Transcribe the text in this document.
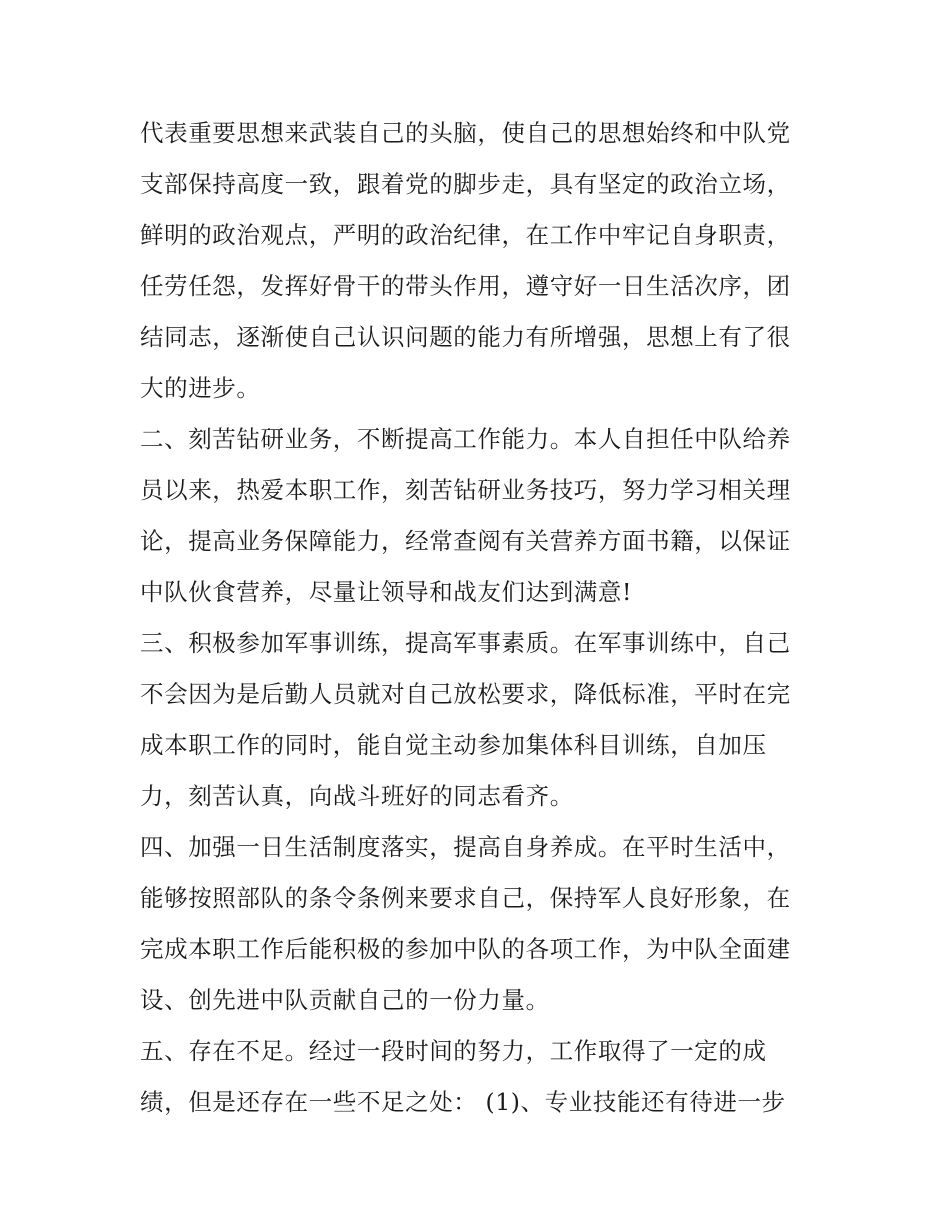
代表重要思想来武装自己的头脑，使自己的思想始终和中队党
支部保持高度一致，跟着党的脚步走，具有坚定的政治立场，
鲜明的政治观点，严明的政治纪律，在工作中牢记自身职责，
任劳任怨，发挥好骨干的带头作用，遵守好一日生活次序，团
结同志，逐渐使自己认识问题的能力有所增强，思想上有了很
大的进步。
二、刻苦钻研业务，不断提高工作能力。本人自担任中队给养
员以来，热爱本职工作，刻苦钻研业务技巧，努力学习相关理
论，提高业务保障能力，经常查阅有关营养方面书籍，以保证
中队伙食营养，尽量让领导和战友们达到满意!
三、积极参加军事训练，提高军事素质。在军事训练中，自己
不会因为是后勤人员就对自己放松要求，降低标准，平时在完
成本职工作的同时，能自觉主动参加集体科目训练，自加压
力，刻苦认真，向战斗班好的同志看齐。
四、加强一日生活制度落实，提高自身养成。在平时生活中，
能够按照部队的条令条例来要求自己，保持军人良好形象，在
完成本职工作后能积极的参加中队的各项工作，为中队全面建
设、创先进中队贡献自己的一份力量。
五、存在不足。经过一段时间的努力，工作取得了一定的成
绩，但是还存在一些不足之处： (1)、专业技能还有待进一步
